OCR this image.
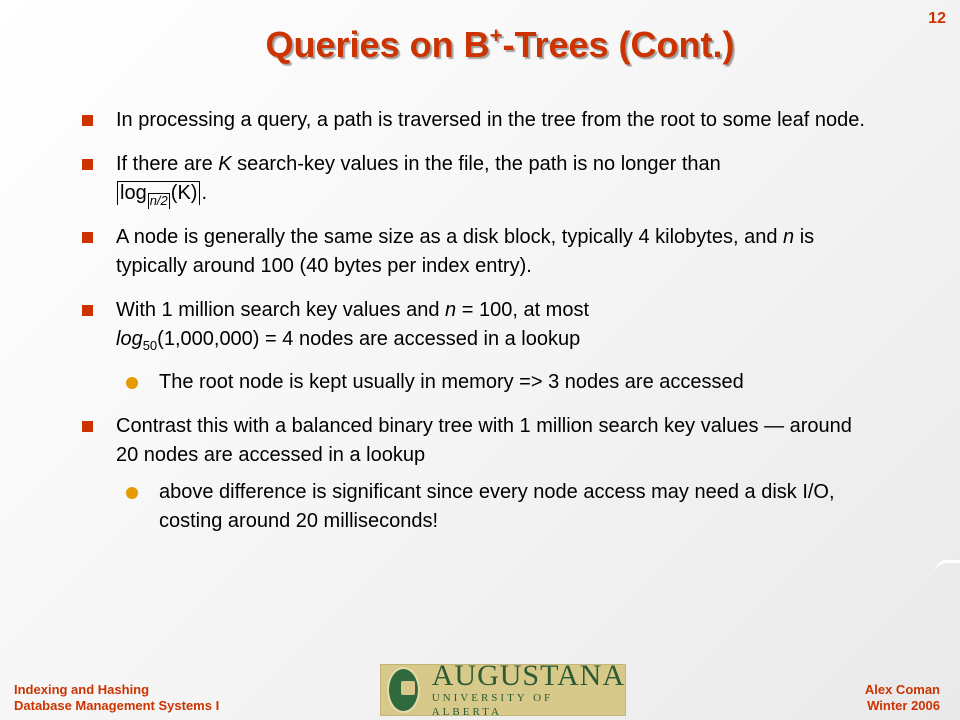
12
Queries on B+-Trees (Cont.)
In processing a query, a path is traversed in the tree from the root to some leaf node.
If there are K search-key values in the file, the path is no longer than
log n/2 (K) .
A node is generally the same size as a disk block, typically 4 kilobytes, and n is typically around 100 (40 bytes per index entry).
With 1 million search key values and n = 100, at most
$\log_{50}(1,000,000) = 4$ nodes are accessed in a lookup
The root node is kept usually in memory => 3 nodes are accessed
Contrast this with a balanced binary tree with 1 million search key values — around 20 nodes are accessed in a lookup
above difference is significant since every node access may need a disk I/O, costing around 20 milliseconds!
Indexing and Hashing
Database Management Systems I
AUGUSTANA
UNIVERSITY OF ALBERTA
Alex Coman
Winter 2006
